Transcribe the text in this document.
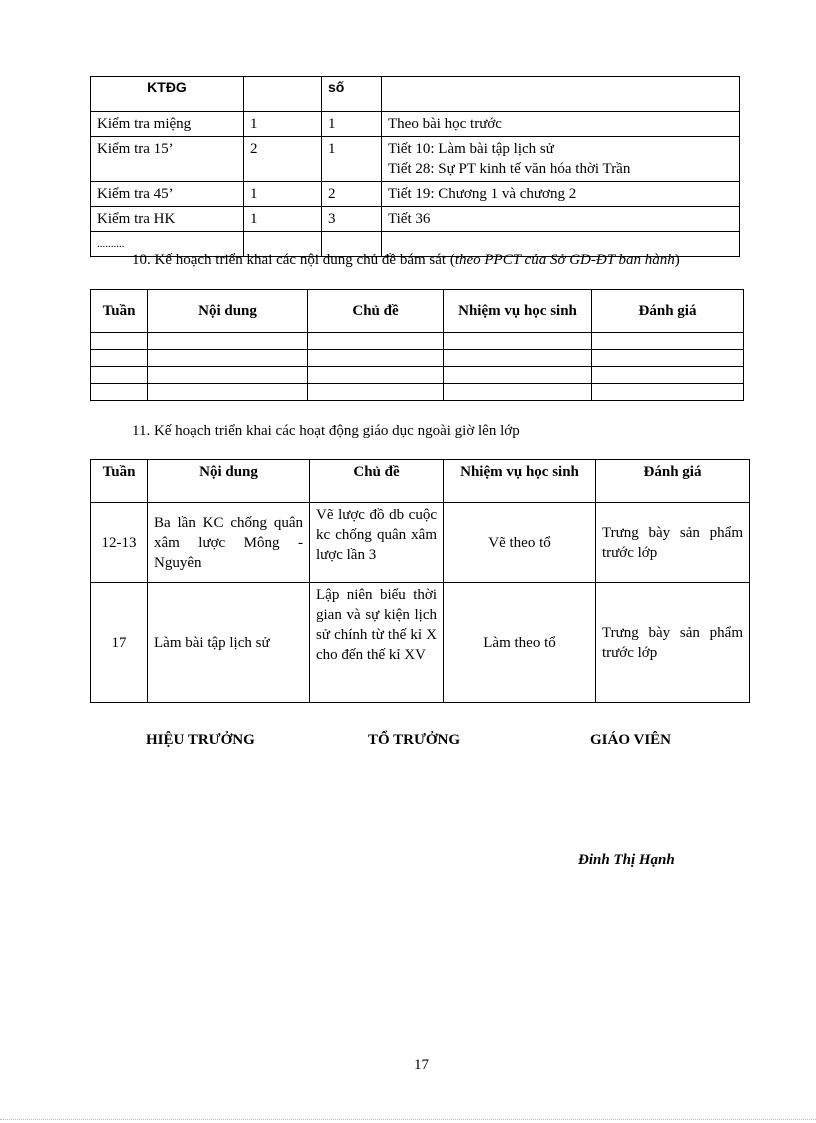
KTĐG		số	
Kiểm tra miệng	1	1	Theo bài học trước
Kiểm tra 15’	2	1	Tiết 10: Làm bài tập lịch sử
Tiết 28: Sự PT kinh tế văn hóa thời Trần

Kiểm tra 45’	1	2	Tiết 19: Chương 1 và chương 2
Kiểm tra HK	1	3	Tiết 36
..........			
10. Kế hoạch triển khai các nội dung chủ đề bám sát (theo PPCT của Sở GD-ĐT ban hành)
Tuần	Nội dung	Chủ đề	Nhiệm vụ học sinh	Đánh giá

11. Kế hoạch triển khai các hoạt động giáo dục ngoài giờ lên lớp
Tuần	Nội dung	Chủ đề	Nhiệm vụ học sinh	Đánh giá
12-13	Ba lần KC chống quân xâm lược Mông - Nguyên	Vẽ lược đồ db cuộc kc chống quân xâm lược lần 3	Vẽ theo tổ	Trưng bày sản phẩm trước lớp
17	Làm bài tập lịch sử	Lập niên biểu thời gian và sự kiện lịch sử chính từ thế kỉ X cho đến thế kỉ XV	Làm theo tổ	Trưng bày sản phẩm trước lớp
HIỆU TRƯỞNG	TỔ TRƯỞNG	GIÁO VIÊN
Đinh Thị Hạnh
17
